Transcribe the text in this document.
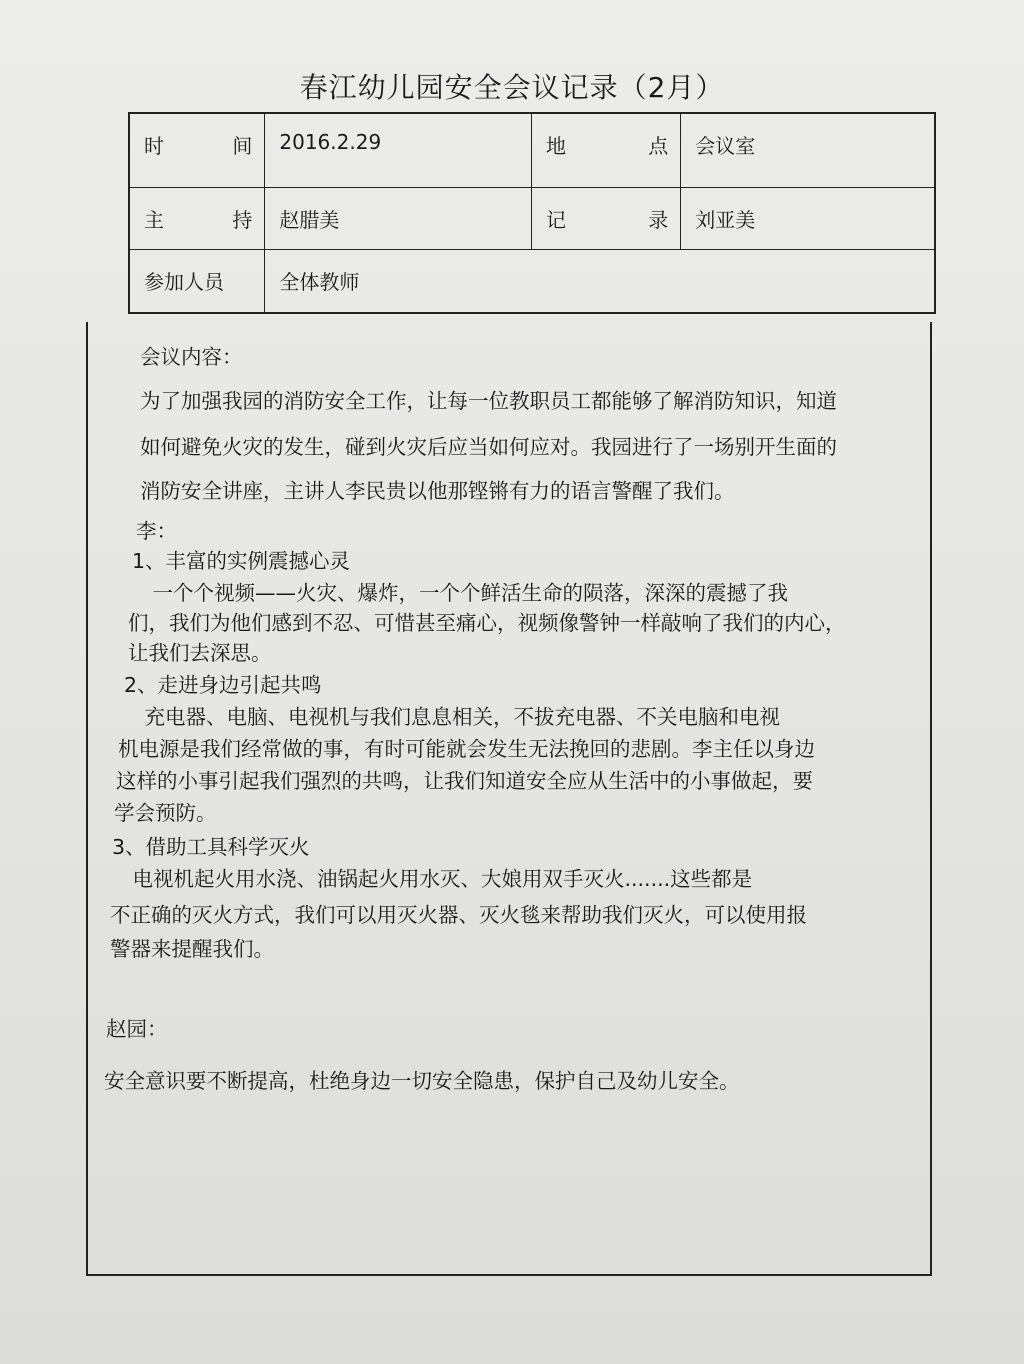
春江幼儿园安全会议记录（2月）
时	间	2016.2.29	地	点	会议室
主	持	赵腊美	记	录	刘亚美
参加人员	全体教师
会议内容：
为了加强我园的消防安全工作，让每一位教职员工都能够了解消防知识，知道
如何避免火灾的发生，碰到火灾后应当如何应对。我园进行了一场别开生面的
消防安全讲座，主讲人李民贵以他那铿锵有力的语言警醒了我们。
李：
1、丰富的实例震撼心灵
　一个个视频——火灾、爆炸，一个个鲜活生命的陨落，深深的震撼了我
们，我们为他们感到不忍、可惜甚至痛心，视频像警钟一样敲响了我们的内心，
让我们去深思。
2、走进身边引起共鸣
　充电器、电脑、电视机与我们息息相关，不拔充电器、不关电脑和电视
机电源是我们经常做的事，有时可能就会发生无法挽回的悲剧。李主任以身边
这样的小事引起我们强烈的共鸣，让我们知道安全应从生活中的小事做起，要
学会预防。
3、借助工具科学灭火
　电视机起火用水浇、油锅起火用水灭、大娘用双手灭火.......这些都是
不正确的灭火方式，我们可以用灭火器、灭火毯来帮助我们灭火，可以使用报
警器来提醒我们。
赵园：
安全意识要不断提高，杜绝身边一切安全隐患，保护自己及幼儿安全。
